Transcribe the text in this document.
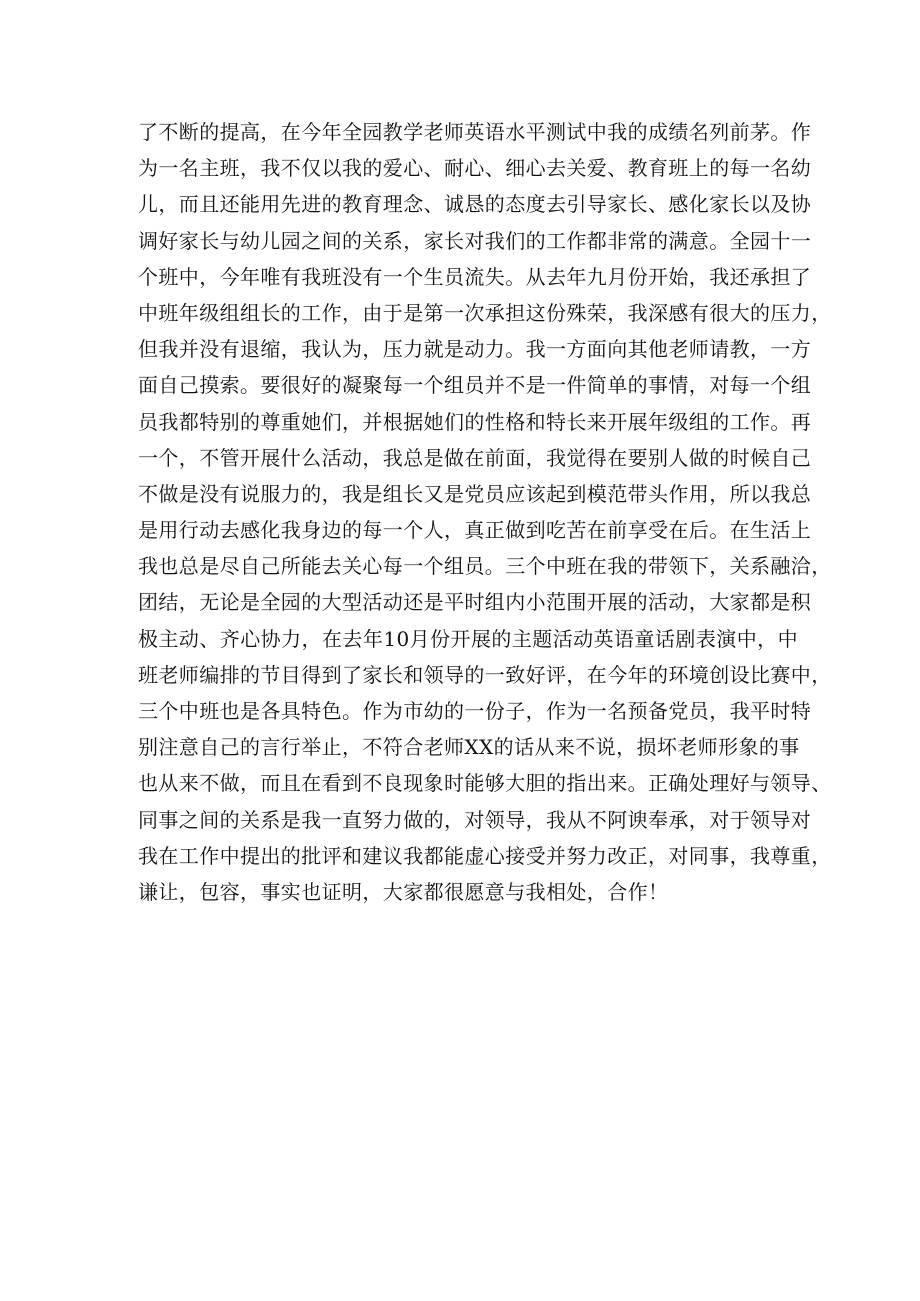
了不断的提高，在今年全园教学老师英语水平测试中我的成绩名列前茅。作
为一名主班，我不仅以我的爱心、耐心、细心去关爱、教育班上的每一名幼
儿，而且还能用先进的教育理念、诚恳的态度去引导家长、感化家长以及协
调好家长与幼儿园之间的关系，家长对我们的工作都非常的满意。全园十一
个班中，今年唯有我班没有一个生员流失。从去年九月份开始，我还承担了
中班年级组组长的工作，由于是第一次承担这份殊荣，我深感有很大的压力，
但我并没有退缩，我认为，压力就是动力。我一方面向其他老师请教，一方
面自己摸索。要很好的凝聚每一个组员并不是一件简单的事情，对每一个组
员我都特别的尊重她们，并根据她们的性格和特长来开展年级组的工作。再
一个，不管开展什么活动，我总是做在前面，我觉得在要别人做的时候自己
不做是没有说服力的，我是组长又是党员应该起到模范带头作用，所以我总
是用行动去感化我身边的每一个人，真正做到吃苦在前享受在后。在生活上
我也总是尽自己所能去关心每一个组员。三个中班在我的带领下，关系融洽，
团结，无论是全园的大型活动还是平时组内小范围开展的活动，大家都是积
极主动、齐心协力，在去年10月份开展的主题活动英语童话剧表演中，中
班老师编排的节目得到了家长和领导的一致好评，在今年的环境创设比赛中，
三个中班也是各具特色。作为市幼的一份子，作为一名预备党员，我平时特
别注意自己的言行举止，不符合老师XX的话从来不说，损坏老师形象的事
也从来不做，而且在看到不良现象时能够大胆的指出来。正确处理好与领导、
同事之间的关系是我一直努力做的，对领导，我从不阿谀奉承，对于领导对
我在工作中提出的批评和建议我都能虚心接受并努力改正，对同事，我尊重，
谦让，包容，事实也证明，大家都很愿意与我相处，合作！
